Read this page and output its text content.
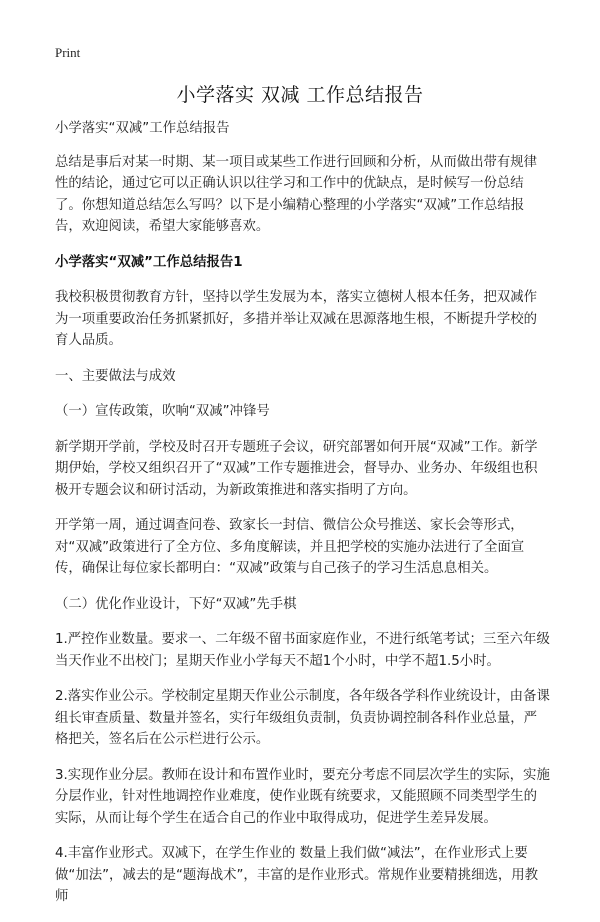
Print
小学落实 双减 工作总结报告

小学落实“双减”工作总结报告

总结是事后对某一时期、某一项目或某些工作进行回顾和分析，从而做出带有规律性的结论，通过它可以正确认识以往学习和工作中的优缺点，是时候写一份总结了。你想知道总结怎么写吗？以下是小编精心整理的小学落实“双减”工作总结报告，欢迎阅读，希望大家能够喜欢。

小学落实“双减”工作总结报告1

我校积极贯彻教育方针，坚持以学生发展为本，落实立德树人根本任务，把双减作为一项重要政治任务抓紧抓好，多措并举让双减在思源落地生根，不断提升学校的育人品质。

一、主要做法与成效

（一）宣传政策，吹响“双减”冲锋号

新学期开学前，学校及时召开专题班子会议，研究部署如何开展“双减”工作。新学期伊始，学校又组织召开了“双减”工作专题推进会，督导办、业务办、年级组也积极开专题会议和研讨活动，为新政策推进和落实指明了方向。

开学第一周，通过调查问卷、致家长一封信、微信公众号推送、家长会等形式，对“双减”政策进行了全方位、多角度解读，并且把学校的实施办法进行了全面宣传，确保让每位家长都明白：“双减”政策与自己孩子的学习生活息息相关。

（二）优化作业设计，下好“双减”先手棋

1.严控作业数量。要求一、二年级不留书面家庭作业，不进行纸笔考试；三至六年级当天作业不出校门；星期天作业小学每天不超1个小时，中学不超1.5小时。

2.落实作业公示。学校制定星期天作业公示制度，各年级各学科作业统设计，由备课组长审查质量、数量并签名，实行年级组负责制，负责协调控制各科作业总量，严格把关，签名后在公示栏进行公示。

3.实现作业分层。教师在设计和布置作业时，要充分考虑不同层次学生的实际，实施分层作业，针对性地调控作业难度，使作业既有统要求，又能照顾不同类型学生的实际，从而让每个学生在适合自己的作业中取得成功，促进学生差异发展。

4.丰富作业形式。双减下，在学生作业的 数量上我们做“减法”，在作业形式上要做“加法”，减去的是“题海战术”，丰富的是作业形式。常规作业要精挑细选，用教师
